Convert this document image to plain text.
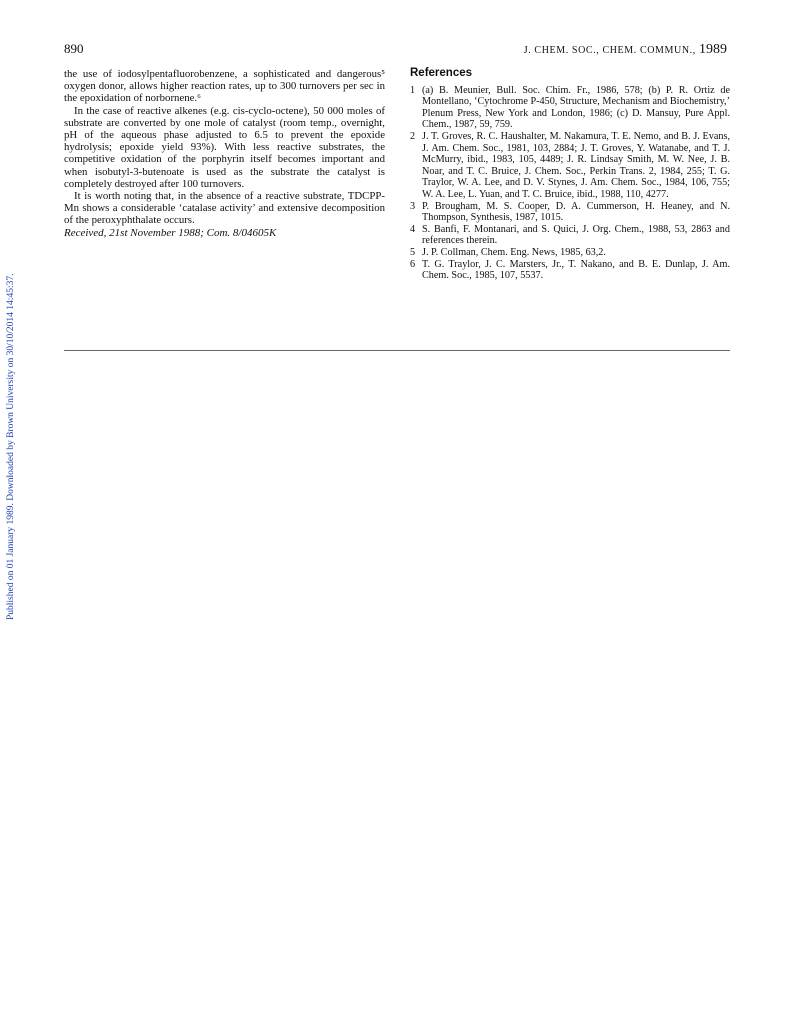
Published on 01 January 1989. Downloaded by Brown University on 30/10/2014 14:45:37.
890	J. CHEM. SOC., CHEM. COMMUN., 1989

the use of iodosylpentafluorobenzene, a sophisticated and dangerous⁵ oxygen donor, allows higher reaction rates, up to 300 turnovers per sec in the epoxidation of norbornene.⁶

In the case of reactive alkenes (e.g. cis-cyclo-octene), 50 000 moles of substrate are converted by one mole of catalyst (room temp., overnight, pH of the aqueous phase adjusted to 6.5 to prevent the epoxide hydrolysis; epoxide yield 93%). With less reactive substrates, the competitive oxidation of the porphyrin itself becomes important and when isobutyl-3-butenoate is used as the substrate the catalyst is completely destroyed after 100 turnovers.

It is worth noting that, in the absence of a reactive substrate, TDCPP-Mn shows a considerable ‘catalase activity’ and extensive decomposition of the peroxyphthalate occurs.

Received, 21st November 1988; Com. 8/04605K

References
1 (a) B. Meunier, Bull. Soc. Chim. Fr., 1986, 578; (b) P. R. Ortiz de Montellano, ‘Cytochrome P-450, Structure, Mechanism and Biochemistry,’ Plenum Press, New York and London, 1986; (c) D. Mansuy, Pure Appl. Chem., 1987, 59, 759.
2 J. T. Groves, R. C. Haushalter, M. Nakamura, T. E. Nemo, and B. J. Evans, J. Am. Chem. Soc., 1981, 103, 2884; J. T. Groves, Y. Watanabe, and T. J. McMurry, ibid., 1983, 105, 4489; J. R. Lindsay Smith, M. W. Nee, J. B. Noar, and T. C. Bruice, J. Chem. Soc., Perkin Trans. 2, 1984, 255; T. G. Traylor, W. A. Lee, and D. V. Stynes, J. Am. Chem. Soc., 1984, 106, 755; W. A. Lee, L. Yuan, and T. C. Bruice, ibid., 1988, 110, 4277.
3 P. Brougham, M. S. Cooper, D. A. Cummerson, H. Heaney, and N. Thompson, Synthesis, 1987, 1015.
4 S. Banfi, F. Montanari, and S. Quici, J. Org. Chem., 1988, 53, 2863 and references therein.
5 J. P. Collman, Chem. Eng. News, 1985, 63,2.
6 T. G. Traylor, J. C. Marsters, Jr., T. Nakano, and B. E. Dunlap, J. Am. Chem. Soc., 1985, 107, 5537.
